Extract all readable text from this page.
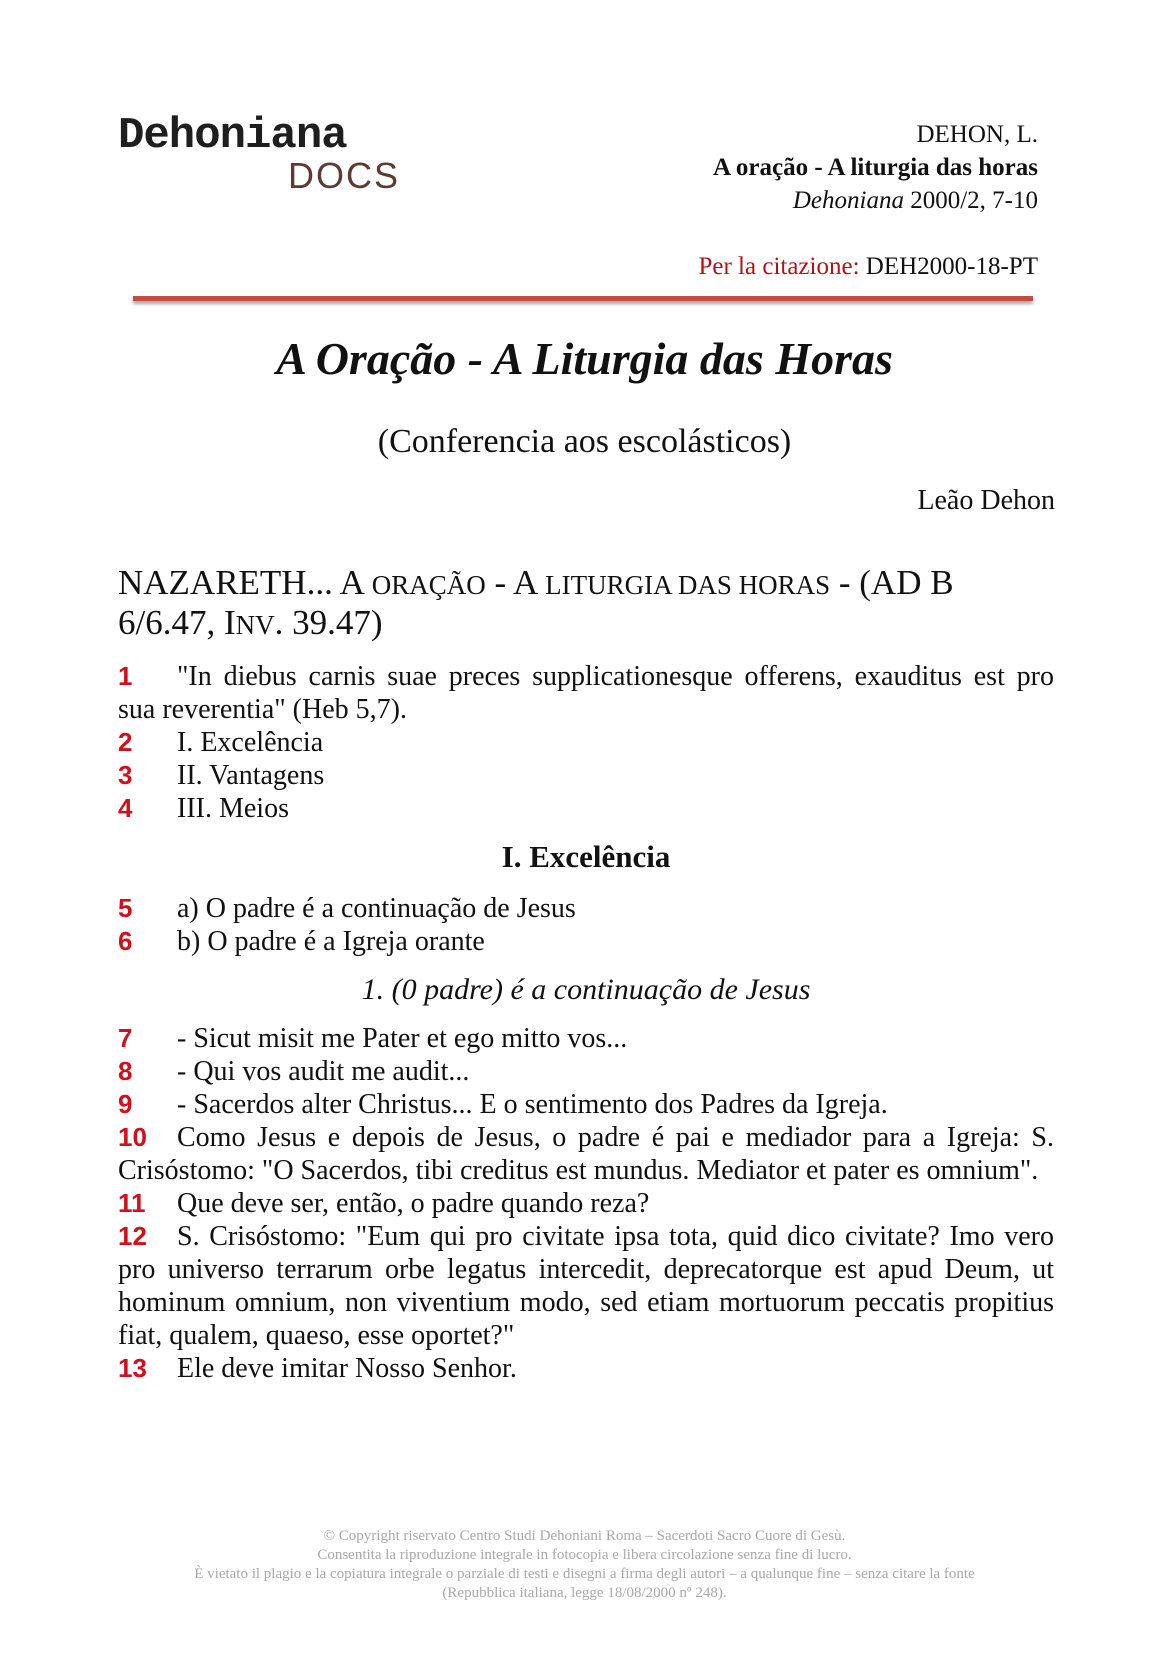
Dehoniana
DOCS
DEHON, L.
A oração - A liturgia das horas
Dehoniana 2000/2, 7-10
Per la citazione: DEH2000-18-PT
A Oração - A Liturgia das Horas
(Conferencia aos escolásticos)
Leão Dehon
NAZARETH... A ORAÇÃO - A LITURGIA DAS HORAS - (AD B 6/6.47, INV. 39.47)

1 "In diebus carnis suae preces supplicationesque offerens, exauditus est pro sua reverentia" (Heb 5,7).

2 I. Excelência

3 II. Vantagens

4 III. Meios

I. Excelência

5 a) O padre é a continuação de Jesus

6 b) O padre é a Igreja orante

1. (0 padre) é a continuação de Jesus

7 - Sicut misit me Pater et ego mitto vos...

8 - Qui vos audit me audit...

9 - Sacerdos alter Christus... E o sentimento dos Padres da Igreja.

10 Como Jesus e depois de Jesus, o padre é pai e mediador para a Igreja: S. Crisóstomo: "O Sacerdos, tibi creditus est mundus. Mediator et pater es omnium".

11 Que deve ser, então, o padre quando reza?

12 S. Crisóstomo: "Eum qui pro civitate ipsa tota, quid dico civitate? Imo vero pro universo terrarum orbe legatus intercedit, deprecatorque est apud Deum, ut hominum omnium, non viventium modo, sed etiam mortuorum peccatis propitius fiat, qualem, quaeso, esse oportet?"

13 Ele deve imitar Nosso Senhor.

© Copyright riservato Centro Studi Dehoniani Roma – Sacerdoti Sacro Cuore di Gesù.
Consentita la riproduzione integrale in fotocopia e libera circolazione senza fine di lucro.
È vietato il plagio e la copiatura integrale o parziale di testi e disegni a firma degli autori – a qualunque fine – senza citare la fonte
(Repubblica italiana, legge 18/08/2000 nº 248).
